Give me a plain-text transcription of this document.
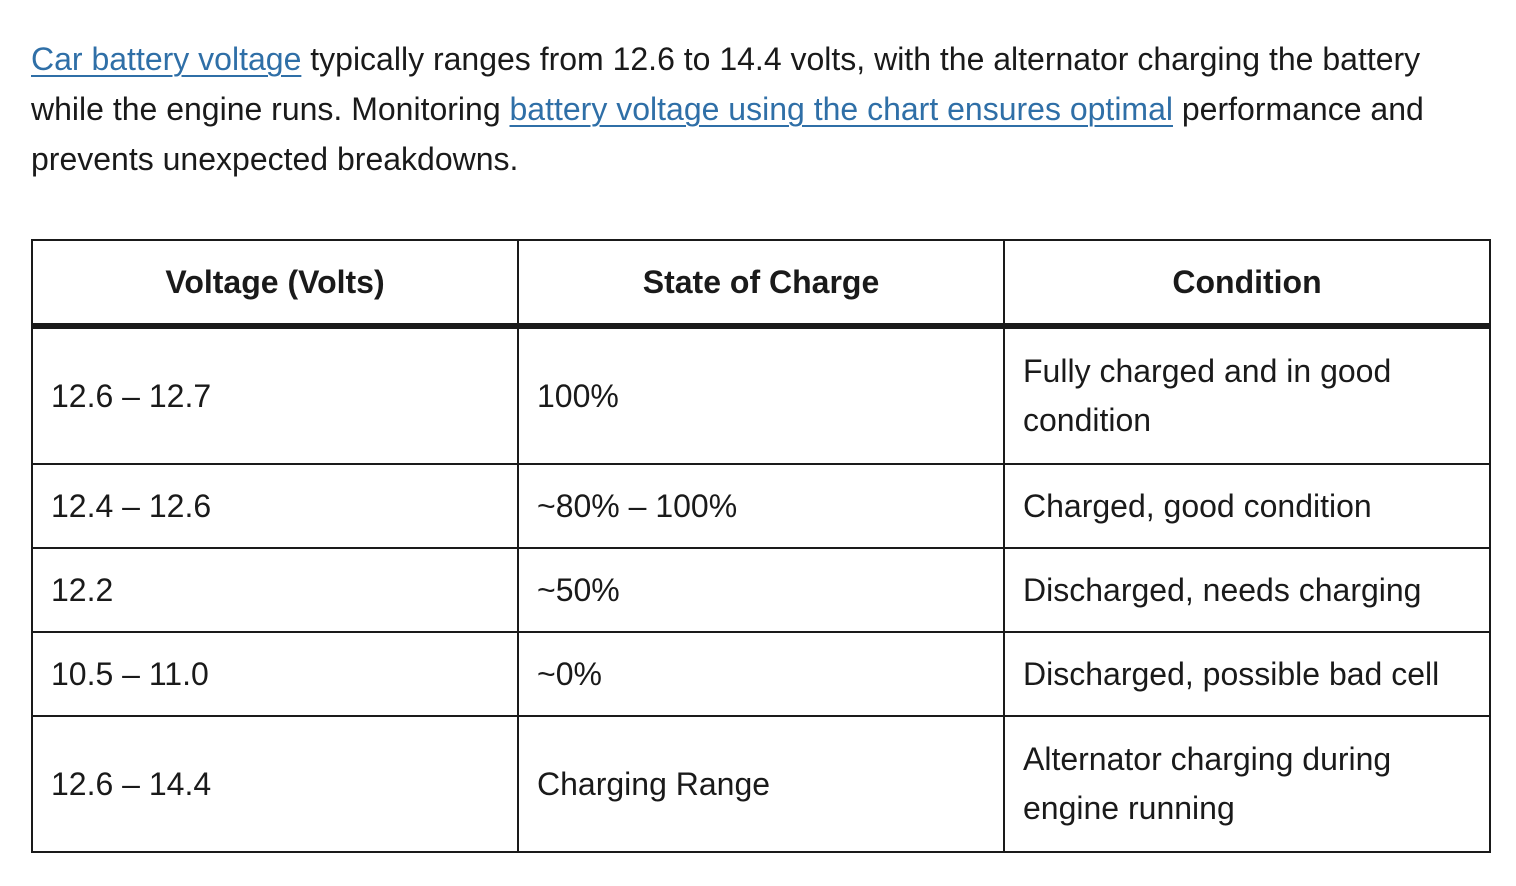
Car battery voltage typically ranges from 12.6 to 14.4 volts, with the alternator charging the battery while the engine runs. Monitoring battery voltage using the chart ensures optimal performance and prevents unexpected breakdowns.

Voltage (Volts)	State of Charge	Condition
12.6 – 12.7	100%	Fully charged and in good condition
12.4 – 12.6	~80% – 100%	Charged, good condition
12.2	~50%	Discharged, needs charging
10.5 – 11.0	~0%	Discharged, possible bad cell
12.6 – 14.4	Charging Range	Alternator charging during engine running
